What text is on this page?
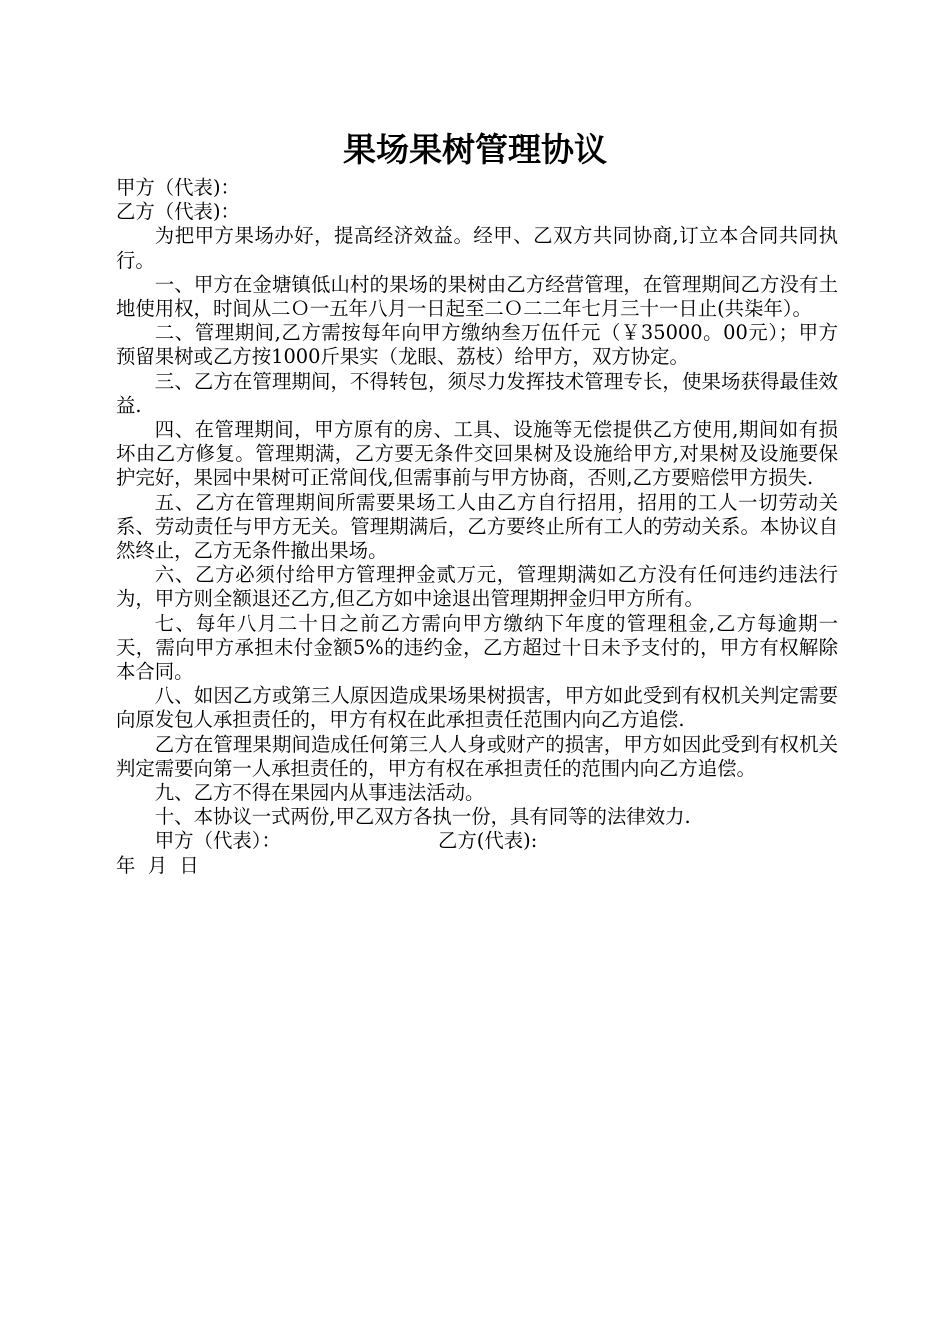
果场果树管理协议

甲方（代表)：

乙方（代表)：

为把甲方果场办好，提高经济效益。经甲、乙双方共同协商,订立本合同共同执行。

一、甲方在金塘镇低山村的果场的果树由乙方经营管理，在管理期间乙方没有土地使用权，时间从二Ｏ一五年八月一日起至二Ｏ二二年七月三十一日止(共柒年）。

二、管理期间,乙方需按每年向甲方缴纳叁万伍仟元（￥35000。00元）；甲方预留果树或乙方按1000斤果实（龙眼、荔枝）给甲方，双方协定。

三、乙方在管理期间，不得转包，须尽力发挥技术管理专长，使果场获得最佳效益.

四、在管理期间，甲方原有的房、工具、设施等无偿提供乙方使用,期间如有损坏由乙方修复。管理期满，乙方要无条件交回果树及设施给甲方,对果树及设施要保护完好，果园中果树可正常间伐,但需事前与甲方协商，否则,乙方要赔偿甲方损失.

五、乙方在管理期间所需要果场工人由乙方自行招用，招用的工人一切劳动关系、劳动责任与甲方无关。管理期满后，乙方要终止所有工人的劳动关系。本协议自然终止，乙方无条件撤出果场。

六、乙方必须付给甲方管理押金贰万元，管理期满如乙方没有任何违约违法行为，甲方则全额退还乙方,但乙方如中途退出管理期押金归甲方所有。

七、每年八月二十日之前乙方需向甲方缴纳下年度的管理租金,乙方每逾期一天，需向甲方承担未付金额5%的违约金，乙方超过十日未予支付的，甲方有权解除本合同。

八、如因乙方或第三人原因造成果场果树损害，甲方如此受到有权机关判定需要向原发包人承担责任的，甲方有权在此承担责任范围内向乙方追偿.

乙方在管理果期间造成任何第三人人身或财产的损害，甲方如因此受到有权机关判定需要向第一人承担责任的，甲方有权在承担责任的范围内向乙方追偿。

九、乙方不得在果园内从事违法活动。

十、本协议一式两份,甲乙双方各执一份，具有同等的法律效力.

甲方（代表）：	乙方(代表):

年  月  日
